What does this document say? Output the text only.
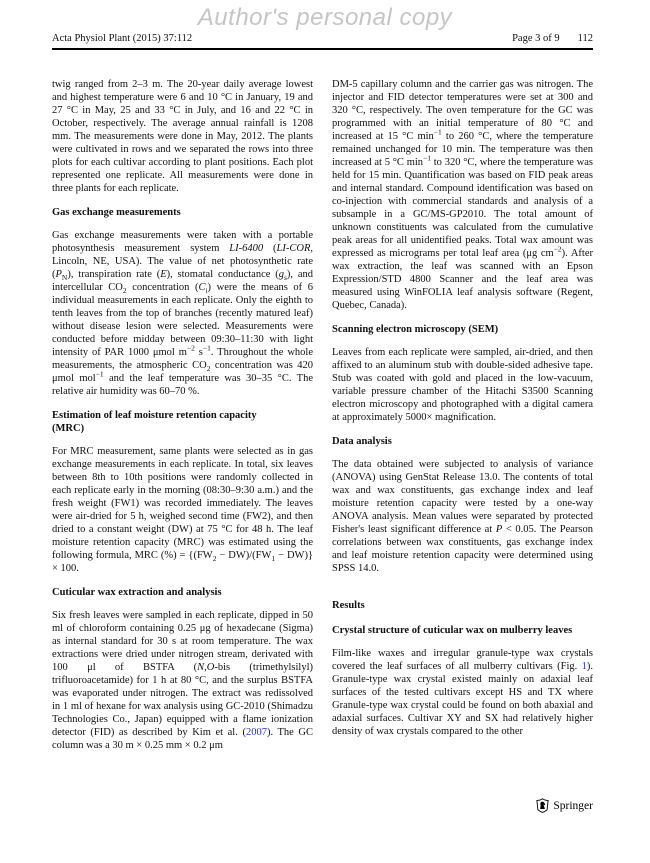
Author's personal copy
Acta Physiol Plant (2015) 37:112	Page 3 of 9 112

twig ranged from 2–3 m. The 20-year daily average lowest and highest temperature were 6 and 10 °C in January, 19 and 27 °C in May, 25 and 33 °C in July, and 16 and 22 °C in October, respectively. The average annual rainfall is 1208 mm. The measurements were done in May, 2012. The plants were cultivated in rows and we separated the rows into three plots for each cultivar according to plant positions. Each plot represented one replicate. All measurements were done in three plants for each replicate.

Gas exchange measurements

Gas exchange measurements were taken with a portable photosynthesis measurement system LI-6400 (LI-COR, Lincoln, NE, USA). The value of net photosynthetic rate $(P_N)$, transpiration rate (E), stomatal conductance $(g_s)$, and intercellular $CO_2$ concentration $(C_i)$ were the means of 6 individual measurements in each replicate. Only the eighth to tenth leaves from the top of branches (recently matured leaf) without disease lesion were selected. Measurements were conducted before midday between 09:30–11:30 with light intensity of PAR 1000 μmol $m^{-2}$ $s^{-1}$. Throughout the whole measurements, the atmospheric $CO_2$ concentration was 420 μmol mol$^{-1}$ and the leaf temperature was 30–35 °C. The relative air humidity was 60–70 %.

Estimation of leaf moisture retention capacity
(MRC)

For MRC measurement, same plants were selected as in gas exchange measurements in each replicate. In total, six leaves between 8th to 10th positions were randomly collected in each replicate early in the morning (08:30–9:30 a.m.) and the fresh weight (FW1) was recorded immediately. The leaves were air-dried for 5 h, weighed second time (FW2), and then dried to a constant weight (DW) at 75 °C for 48 h. The leaf moisture retention capacity (MRC) was estimated using the following formula, MRC (%) = $\{(FW_2 - DW)/(FW_1 - DW)\} \times 100$.

Cuticular wax extraction and analysis

Six fresh leaves were sampled in each replicate, dipped in 50 ml of chloroform containing 0.25 μg of hexadecane (Sigma) as internal standard for 30 s at room temperature. The wax extractions were dried under nitrogen stream, derivated with 100 μl of BSTFA (N,O-bis (trimethylsilyl) trifluoroacetamide) for 1 h at 80 °C, and the surplus BSTFA was evaporated under nitrogen. The extract was redissolved in 1 ml of hexane for wax analysis using GC-2010 (Shimadzu Technologies Co., Japan) equipped with a flame ionization detector (FID) as described by Kim et al. (2007). The GC column was a 30 m × 0.25 mm × 0.2 μm

DM-5 capillary column and the carrier gas was nitrogen. The injector and FID detector temperatures were set at 300 and 320 °C, respectively. The oven temperature for the GC was programmed with an initial temperature of 80 °C and increased at 15 °C $\min^{-1}$ to 260 °C, where the temperature remained unchanged for 10 min. The temperature was then increased at 5 °C $\min^{-1}$ to 320 °C, where the temperature was held for 15 min. Quantification was based on FID peak areas and internal standard. Compound identification was based on co-injection with commercial standards and analysis of a subsample in a GC/MS-GP2010. The total amount of unknown constituents was calculated from the cumulative peak areas for all unidentified peaks. Total wax amount was expressed as micrograms per total leaf area (μg $cm^{-2}$). After wax extraction, the leaf was scanned with an Epson Expression/STD 4800 Scanner and the leaf area was measured using WinFOLIA leaf analysis software (Regent, Quebec, Canada).

Scanning electron microscopy (SEM)

Leaves from each replicate were sampled, air-dried, and then affixed to an aluminum stub with double-sided adhesive tape. Stub was coated with gold and placed in the low-vacuum, variable pressure chamber of the Hitachi S3500 Scanning electron microscopy and photographed with a digital camera at approximately 5000× magnification.

Data analysis

The data obtained were subjected to analysis of variance (ANOVA) using GenStat Release 13.0. The contents of total wax and wax constituents, gas exchange index and leaf moisture retention capacity were tested by a one-way ANOVA analysis. Mean values were separated by protected Fisher's least significant difference at P < 0.05. The Pearson correlations between wax constituents, gas exchange index and leaf moisture retention capacity were determined using SPSS 14.0.

Results
Crystal structure of cuticular wax on mulberry leaves

Film-like waxes and irregular granule-type wax crystals covered the leaf surfaces of all mulberry cultivars (Fig. 1). Granule-type wax crystal existed mainly on adaxial leaf surfaces of the tested cultivars except HS and TX where Granule-type wax crystal could be found on both abaxial and adaxial surfaces. Cultivar XY and SX had relatively higher density of wax crystals compared to the other

Springer
